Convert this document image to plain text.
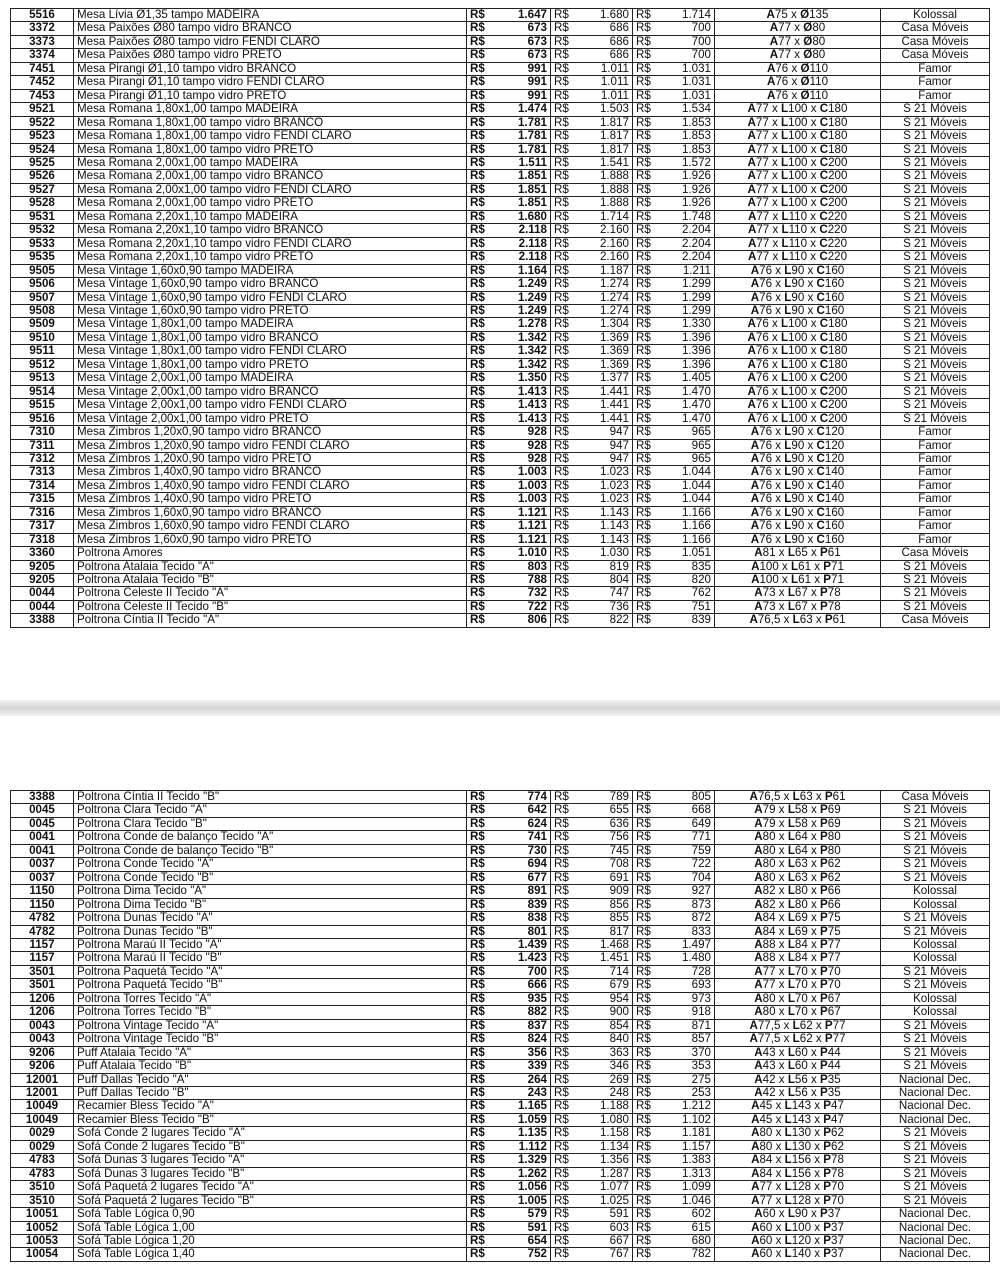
5516	Mesa Lívia Ø1,35 tampo MADEIRA	R$	1.647	R$	1.680	R$	1.714	A75 x Ø135	Kolossal
3372	Mesa Paixões Ø80 tampo vidro BRANCO	R$	673	R$	686	R$	700	A77 x Ø80	Casa Móveis
3373	Mesa Paixões Ø80 tampo vidro FENDI CLARO	R$	673	R$	686	R$	700	A77 x Ø80	Casa Móveis
3374	Mesa Paixões Ø80 tampo vidro PRETO	R$	673	R$	686	R$	700	A77 x Ø80	Casa Móveis
7451	Mesa Pirangi Ø1,10 tampo vidro BRANCO	R$	991	R$	1.011	R$	1.031	A76 x Ø110	Famor
7452	Mesa Pirangi Ø1,10 tampo vidro FENDI CLARO	R$	991	R$	1.011	R$	1.031	A76 x Ø110	Famor
7453	Mesa Pirangi Ø1,10 tampo vidro PRETO	R$	991	R$	1.011	R$	1.031	A76 x Ø110	Famor
9521	Mesa Romana 1,80x1,00 tampo MADEIRA	R$	1.474	R$	1.503	R$	1.534	A77 x L100 x C180	S 21 Móveis
9522	Mesa Romana 1,80x1,00 tampo vidro BRANCO	R$	1.781	R$	1.817	R$	1.853	A77 x L100 x C180	S 21 Móveis
9523	Mesa Romana 1,80x1,00 tampo vidro FENDI CLARO	R$	1.781	R$	1.817	R$	1.853	A77 x L100 x C180	S 21 Móveis
9524	Mesa Romana 1,80x1,00 tampo vidro PRETO	R$	1.781	R$	1.817	R$	1.853	A77 x L100 x C180	S 21 Móveis
9525	Mesa Romana 2,00x1,00 tampo MADEIRA	R$	1.511	R$	1.541	R$	1.572	A77 x L100 x C200	S 21 Móveis
9526	Mesa Romana 2,00x1,00 tampo vidro BRANCO	R$	1.851	R$	1.888	R$	1.926	A77 x L100 x C200	S 21 Móveis
9527	Mesa Romana 2,00x1,00 tampo vidro FENDI CLARO	R$	1.851	R$	1.888	R$	1.926	A77 x L100 x C200	S 21 Móveis
9528	Mesa Romana 2,00x1,00 tampo vidro PRETO	R$	1.851	R$	1.888	R$	1.926	A77 x L100 x C200	S 21 Móveis
9531	Mesa Romana 2,20x1,10 tampo MADEIRA	R$	1.680	R$	1.714	R$	1.748	A77 x L110 x C220	S 21 Móveis
9532	Mesa Romana 2,20x1,10 tampo vidro BRANCO	R$	2.118	R$	2.160	R$	2.204	A77 x L110 x C220	S 21 Móveis
9533	Mesa Romana 2,20x1,10 tampo vidro FENDI CLARO	R$	2.118	R$	2.160	R$	2.204	A77 x L110 x C220	S 21 Móveis
9535	Mesa Romana 2,20x1,10 tampo vidro PRETO	R$	2.118	R$	2.160	R$	2.204	A77 x L110 x C220	S 21 Móveis
9505	Mesa Vintage 1,60x0,90 tampo MADEIRA	R$	1.164	R$	1.187	R$	1.211	A76 x L90 x C160	S 21 Móveis
9506	Mesa Vintage 1,60x0,90 tampo vidro BRANCO	R$	1.249	R$	1.274	R$	1.299	A76 x L90 x C160	S 21 Móveis
9507	Mesa Vintage 1,60x0,90 tampo vidro FENDI CLARO	R$	1.249	R$	1.274	R$	1.299	A76 x L90 x C160	S 21 Móveis
9508	Mesa Vintage 1,60x0,90 tampo vidro PRETO	R$	1.249	R$	1.274	R$	1.299	A76 x L90 x C160	S 21 Móveis
9509	Mesa Vintage 1,80x1,00 tampo MADEIRA	R$	1.278	R$	1.304	R$	1.330	A76 x L100 x C180	S 21 Móveis
9510	Mesa Vintage 1,80x1,00 tampo vidro BRANCO	R$	1.342	R$	1.369	R$	1.396	A76 x L100 x C180	S 21 Móveis
9511	Mesa Vintage 1,80x1,00 tampo vidro FENDI CLARO	R$	1.342	R$	1.369	R$	1.396	A76 x L100 x C180	S 21 Móveis
9512	Mesa Vintage 1,80x1,00 tampo vidro PRETO	R$	1.342	R$	1.369	R$	1.396	A76 x L100 x C180	S 21 Móveis
9513	Mesa Vintage 2,00x1,00 tampo MADEIRA	R$	1.350	R$	1.377	R$	1.405	A76 x L100 x C200	S 21 Móveis
9514	Mesa Vintage 2,00x1,00 tampo vidro BRANCO	R$	1.413	R$	1.441	R$	1.470	A76 x L100 x C200	S 21 Móveis
9515	Mesa Vintage 2,00x1,00 tampo vidro FENDI CLARO	R$	1.413	R$	1.441	R$	1.470	A76 x L100 x C200	S 21 Móveis
9516	Mesa Vintage 2,00x1,00 tampo vidro PRETO	R$	1.413	R$	1.441	R$	1.470	A76 x L100 x C200	S 21 Móveis
7310	Mesa Zimbros 1,20x0,90 tampo vidro BRANCO	R$	928	R$	947	R$	965	A76 x L90 x C120	Famor
7311	Mesa Zimbros 1,20x0,90 tampo vidro FENDI CLARO	R$	928	R$	947	R$	965	A76 x L90 x C120	Famor
7312	Mesa Zimbros 1,20x0,90 tampo vidro PRETO	R$	928	R$	947	R$	965	A76 x L90 x C120	Famor
7313	Mesa Zimbros 1,40x0,90 tampo vidro BRANCO	R$	1.003	R$	1.023	R$	1.044	A76 x L90 x C140	Famor
7314	Mesa Zimbros 1,40x0,90 tampo vidro FENDI CLARO	R$	1.003	R$	1.023	R$	1.044	A76 x L90 x C140	Famor
7315	Mesa Zimbros 1,40x0,90 tampo vidro PRETO	R$	1.003	R$	1.023	R$	1.044	A76 x L90 x C140	Famor
7316	Mesa Zimbros 1,60x0,90 tampo vidro BRANCO	R$	1.121	R$	1.143	R$	1.166	A76 x L90 x C160	Famor
7317	Mesa Zimbros 1,60x0,90 tampo vidro FENDI CLARO	R$	1.121	R$	1.143	R$	1.166	A76 x L90 x C160	Famor
7318	Mesa Zimbros 1,60x0,90 tampo vidro PRETO	R$	1.121	R$	1.143	R$	1.166	A76 x L90 x C160	Famor
3360	Poltrona Amores	R$	1.010	R$	1.030	R$	1.051	A81 x L65 x P61	Casa Móveis
9205	Poltrona Atalaia Tecido "A"	R$	803	R$	819	R$	835	A100 x L61 x P71	S 21 Móveis
9205	Poltrona Atalaia Tecido "B"	R$	788	R$	804	R$	820	A100 x L61 x P71	S 21 Móveis
0044	Poltrona Celeste II Tecido "A"	R$	732	R$	747	R$	762	A73 x L67 x P78	S 21 Móveis
0044	Poltrona Celeste II Tecido "B"	R$	722	R$	736	R$	751	A73 x L67 x P78	S 21 Móveis
3388	Poltrona Cíntia II Tecido "A"	R$	806	R$	822	R$	839	A76,5 x L63 x P61	Casa Móveis
3388	Poltrona Cíntia II Tecido "B"	R$	774	R$	789	R$	805	A76,5 x L63 x P61	Casa Móveis
0045	Poltrona Clara Tecido "A"	R$	642	R$	655	R$	668	A79 x L58 x P69	S 21 Móveis
0045	Poltrona Clara Tecido "B"	R$	624	R$	636	R$	649	A79 x L58 x P69	S 21 Móveis
0041	Poltrona Conde de balanço Tecido "A"	R$	741	R$	756	R$	771	A80 x L64 x P80	S 21 Móveis
0041	Poltrona Conde de balanço Tecido "B"	R$	730	R$	745	R$	759	A80 x L64 x P80	S 21 Móveis
0037	Poltrona Conde Tecido "A"	R$	694	R$	708	R$	722	A80 x L63 x P62	S 21 Móveis
0037	Poltrona Conde Tecido "B"	R$	677	R$	691	R$	704	A80 x L63 x P62	S 21 Móveis
1150	Poltrona Dima Tecido "A"	R$	891	R$	909	R$	927	A82 x L80 x P66	Kolossal
1150	Poltrona Dima Tecido "B"	R$	839	R$	856	R$	873	A82 x L80 x P66	Kolossal
4782	Poltrona Dunas Tecido "A"	R$	838	R$	855	R$	872	A84 x L69 x P75	S 21 Móveis
4782	Poltrona Dunas Tecido "B"	R$	801	R$	817	R$	833	A84 x L69 x P75	S 21 Móveis
1157	Poltrona Maraú II Tecido "A"	R$	1.439	R$	1.468	R$	1.497	A88 x L84 x P77	Kolossal
1157	Poltrona Maraú II Tecido "B"	R$	1.423	R$	1.451	R$	1.480	A88 x L84 x P77	Kolossal
3501	Poltrona Paquetá Tecido "A"	R$	700	R$	714	R$	728	A77 x L70 x P70	S 21 Móveis
3501	Poltrona Paquetá Tecido "B"	R$	666	R$	679	R$	693	A77 x L70 x P70	S 21 Móveis
1206	Poltrona Torres Tecido "A"	R$	935	R$	954	R$	973	A80 x L70 x P67	Kolossal
1206	Poltrona Torres Tecido "B"	R$	882	R$	900	R$	918	A80 x L70 x P67	Kolossal
0043	Poltrona Vintage Tecido "A"	R$	837	R$	854	R$	871	A77,5 x L62 x P77	S 21 Móveis
0043	Poltrona Vintage Tecido "B"	R$	824	R$	840	R$	857	A77,5 x L62 x P77	S 21 Móveis
9206	Puff Atalaia Tecido "A"	R$	356	R$	363	R$	370	A43 x L60 x P44	S 21 Móveis
9206	Puff Atalaia Tecido "B"	R$	339	R$	346	R$	353	A43 x L60 x P44	S 21 Móveis
12001	Puff Dallas Tecido "A"	R$	264	R$	269	R$	275	A42 x L56 x P35	Nacional Dec.
12001	Puff Dallas Tecido "B"	R$	243	R$	248	R$	253	A42 x L56 x P35	Nacional Dec.
10049	Recamier Bless Tecido "A"	R$	1.165	R$	1.188	R$	1.212	A45 x L143 x P47	Nacional Dec.
10049	Recamier Bless Tecido "B"	R$	1.059	R$	1.080	R$	1.102	A45 x L143 x P47	Nacional Dec.
0029	Sofá Conde 2 lugares Tecido "A"	R$	1.135	R$	1.158	R$	1.181	A80 x L130 x P62	S 21 Móveis
0029	Sofá Conde 2 lugares Tecido "B"	R$	1.112	R$	1.134	R$	1.157	A80 x L130 x P62	S 21 Móveis
4783	Sofá Dunas 3 lugares Tecido "A"	R$	1.329	R$	1.356	R$	1.383	A84 x L156 x P78	S 21 Móveis
4783	Sofá Dunas 3 lugares Tecido "B"	R$	1.262	R$	1.287	R$	1.313	A84 x L156 x P78	S 21 Móveis
3510	Sofá Paquetá 2 lugares Tecido "A"	R$	1.056	R$	1.077	R$	1.099	A77 x L128 x P70	S 21 Móveis
3510	Sofá Paquetá 2 lugares Tecido "B"	R$	1.005	R$	1.025	R$	1.046	A77 x L128 x P70	S 21 Móveis
10051	Sofá Table Lógica 0,90	R$	579	R$	591	R$	602	A60 x L90 x P37	Nacional Dec.
10052	Sofá Table Lógica 1,00	R$	591	R$	603	R$	615	A60 x L100 x P37	Nacional Dec.
10053	Sofá Table Lógica 1,20	R$	654	R$	667	R$	680	A60 x L120 x P37	Nacional Dec.
10054	Sofá Table Lógica 1,40	R$	752	R$	767	R$	782	A60 x L140 x P37	Nacional Dec.
